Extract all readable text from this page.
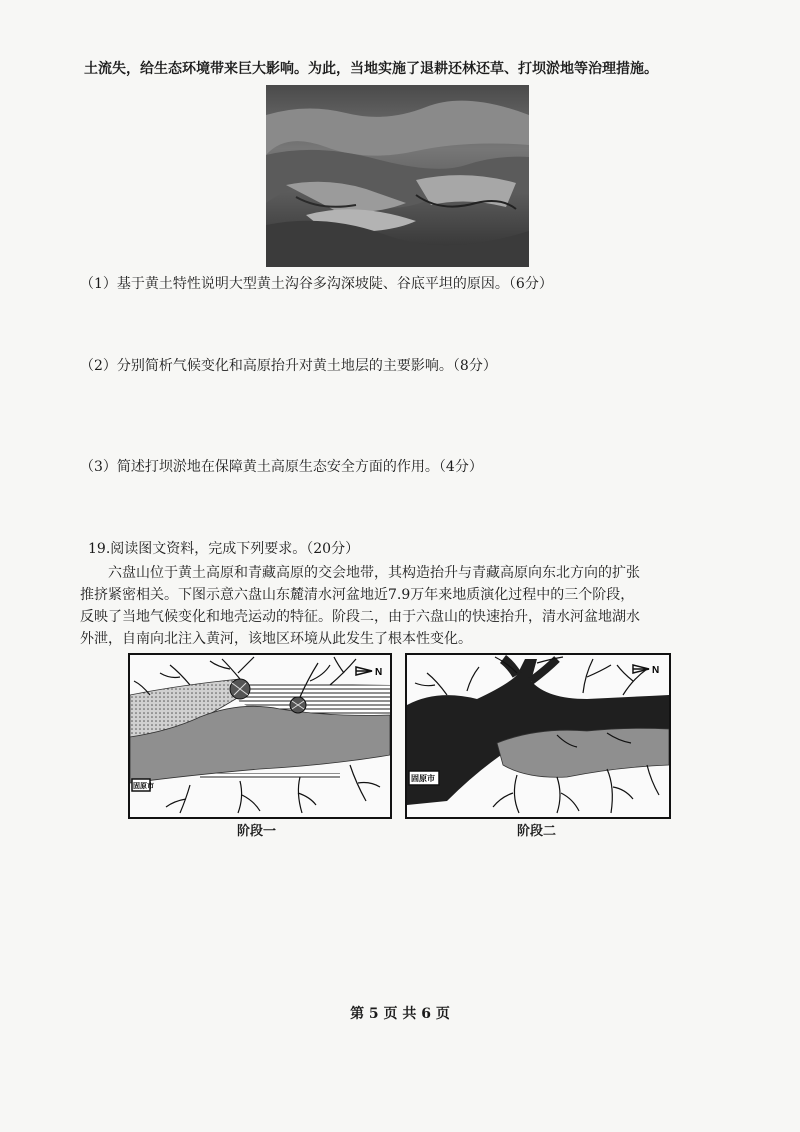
土流失，给生态环境带来巨大影响。为此，当地实施了退耕还林还草、打坝淤地等治理措施。
（1）基于黄土特性说明大型黄土沟谷多沟深坡陡、谷底平坦的原因。（6分）
（2）分别简析气候变化和高原抬升对黄土地层的主要影响。（8分）
（3）简述打坝淤地在保障黄土高原生态安全方面的作用。（4分）
19.阅读图文资料，完成下列要求。（20分）
六盘山位于黄土高原和青藏高原的交会地带，其构造抬升与青藏高原向东北方向的扩张
推挤紧密相关。下图示意六盘山东麓清水河盆地近7.9万年来地质演化过程中的三个阶段，
反映了当地气候变化和地壳运动的特征。阶段二，由于六盘山的快速抬升，清水河盆地湖水
外泄，自南向北注入黄河，该地区环境从此发生了根本性变化。
N
固原市
阶段一
N
固原市
阶段二
第 5 页 共 6 页
